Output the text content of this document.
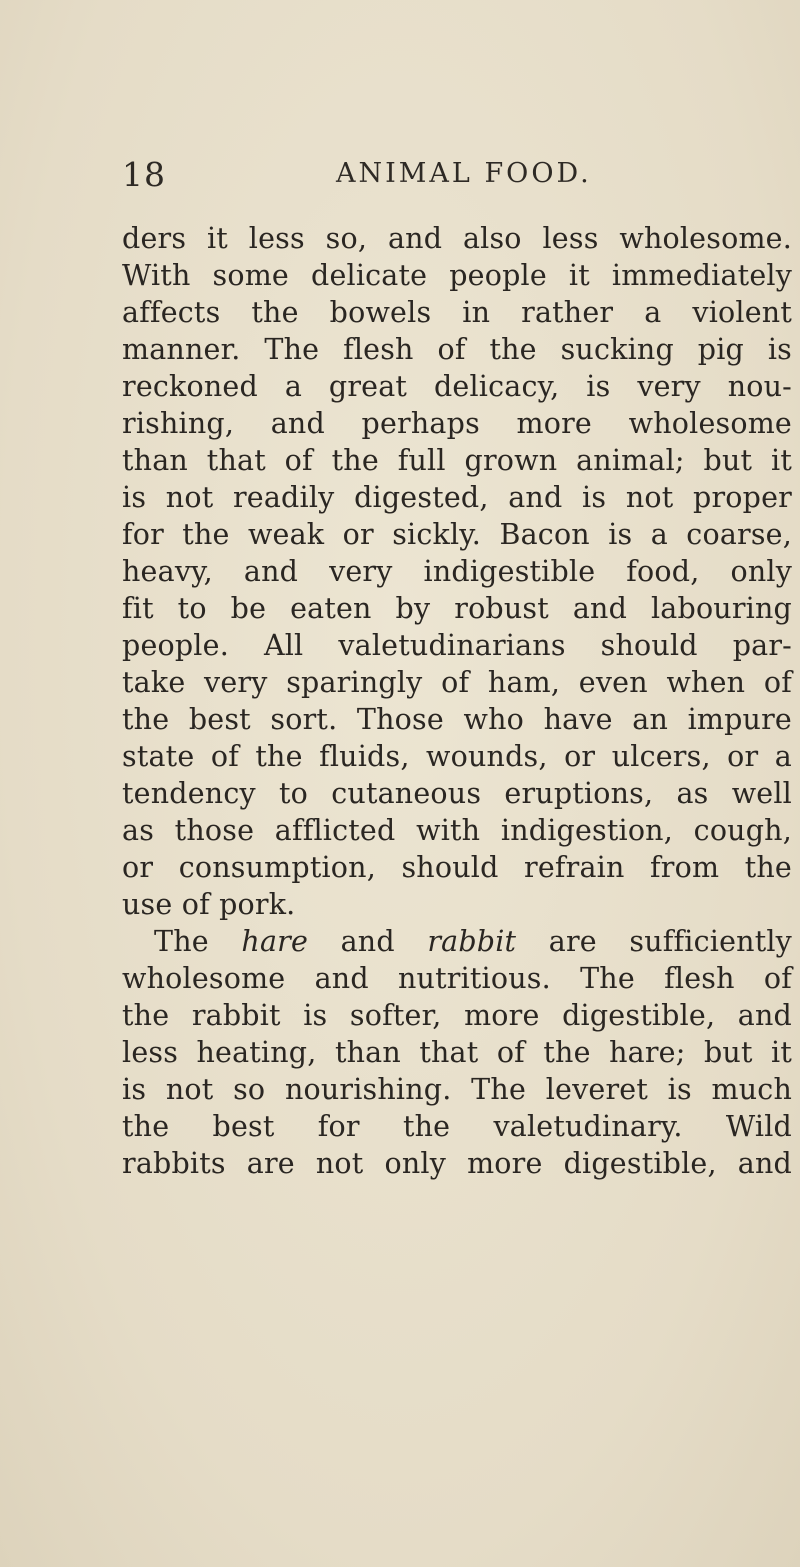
18	ANIMAL FOOD.
ders it less so, and also less wholesome.
With some delicate people it immediately
affects the bowels in rather a violent
manner. The flesh of the sucking pig is
reckoned a great delicacy, is very nou-
rishing, and perhaps more wholesome
than that of the full grown animal; but it
is not readily digested, and is not proper
for the weak or sickly. Bacon is a coarse,
heavy, and very indigestible food, only
fit to be eaten by robust and labouring
people. All valetudinarians should par-
take very sparingly of ham, even when of
the best sort. Those who have an impure
state of the fluids, wounds, or ulcers, or a
tendency to cutaneous eruptions, as well
as those afflicted with indigestion, cough,
or consumption, should refrain from the
use of pork.
The hare and rabbit are sufficiently
wholesome and nutritious. The flesh of
the rabbit is softer, more digestible, and
less heating, than that of the hare; but it
is not so nourishing. The leveret is much
the best for the valetudinary. Wild
rabbits are not only more digestible, and
